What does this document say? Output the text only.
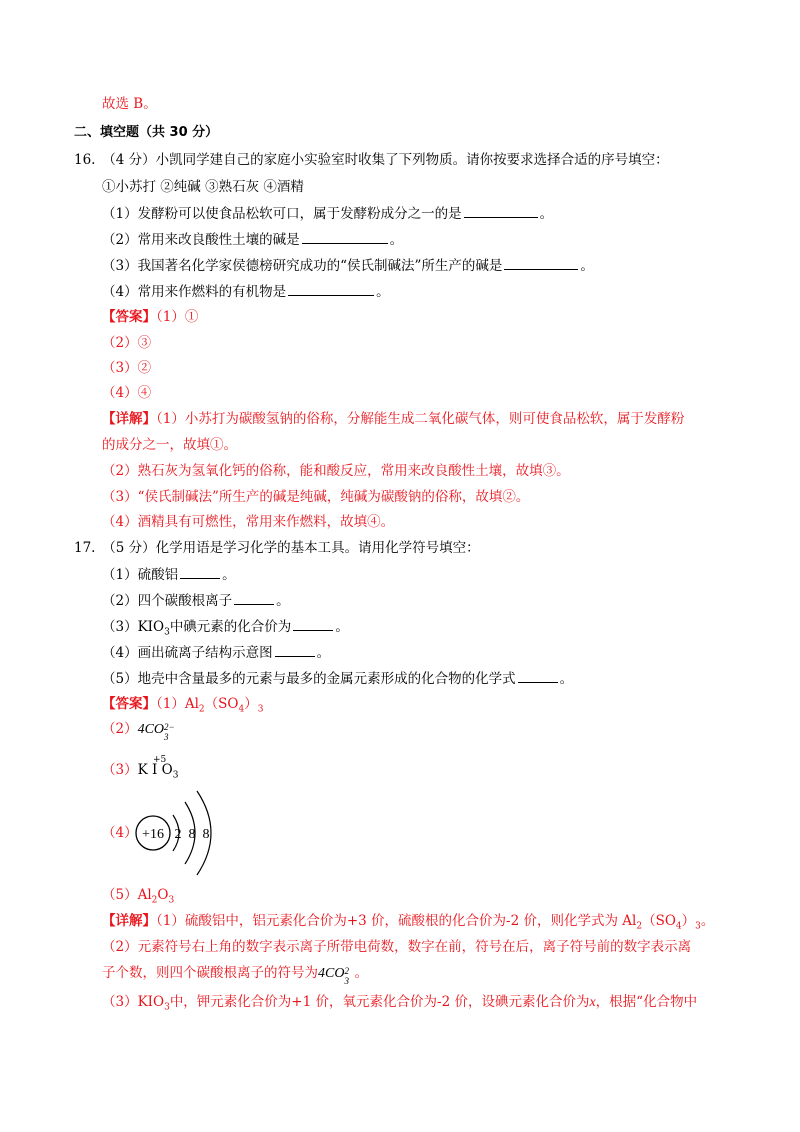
故选 B。
二、填空题（共 30 分）
16.　（4 分）小凯同学建自己的家庭小实验室时收集了下列物质。请你按要求选择合适的序号填空：
①小苏打 ②纯碱 ③熟石灰 ④酒精
（1）发酵粉可以使食品松软可口，属于发酵粉成分之一的是	。
（2）常用来改良酸性土壤的碱是	。
（3）我国著名化学家侯德榜研究成功的“侯氏制碱法”所生产的碱是	。
（4）常用来作燃料的有机物是	。
【答案】（1）①
（2）③
（3）②
（4）④
【详解】（1）小苏打为碳酸氢钠的俗称，分解能生成二氧化碳气体，则可使食品松软，属于发酵粉
的成分之一，故填①。
（2）熟石灰为氢氧化钙的俗称，能和酸反应，常用来改良酸性土壤，故填③。
（3）“侯氏制碱法”所生产的碱是纯碱，纯碱为碳酸钠的俗称，故填②。
（4）酒精具有可燃性，常用来作燃料，故填④。
17.　（5 分）化学用语是学习化学的基本工具。请用化学符号填空：
（1）硫酸铝	。
（2）四个碳酸根离子	。
$(3)KIO_3$中碘元素的化合价为	。
（4）画出硫离子结构示意图	。
（5）地壳中含量最多的元素与最多的金属元素形成的化合物的化学式	。
【答案】$(1)Al_2(SO_4)_3$
（2）4CO 2−
3
（3）K
+5
I $O_3$
（4） +16 2 8 8
$(5)Al_2O_3$
【详解】（1）硫酸铝中，铝元素化合价为+3 价，硫酸根的化合价为-2 价，则化学式为 $Al_2(SO_4)_3$。
（2）元素符号右上角的数字表示离子所带电荷数，数字在前，符号在后，离子符号前的数字表示离
子个数，则四个碳酸根离子的符号为4CO 2
3 。
$(3)KIO_3$中，钾元素化合价为+1 价，氧元素化合价为-2 价，设碘元素化合价为x，根据“化合物中
